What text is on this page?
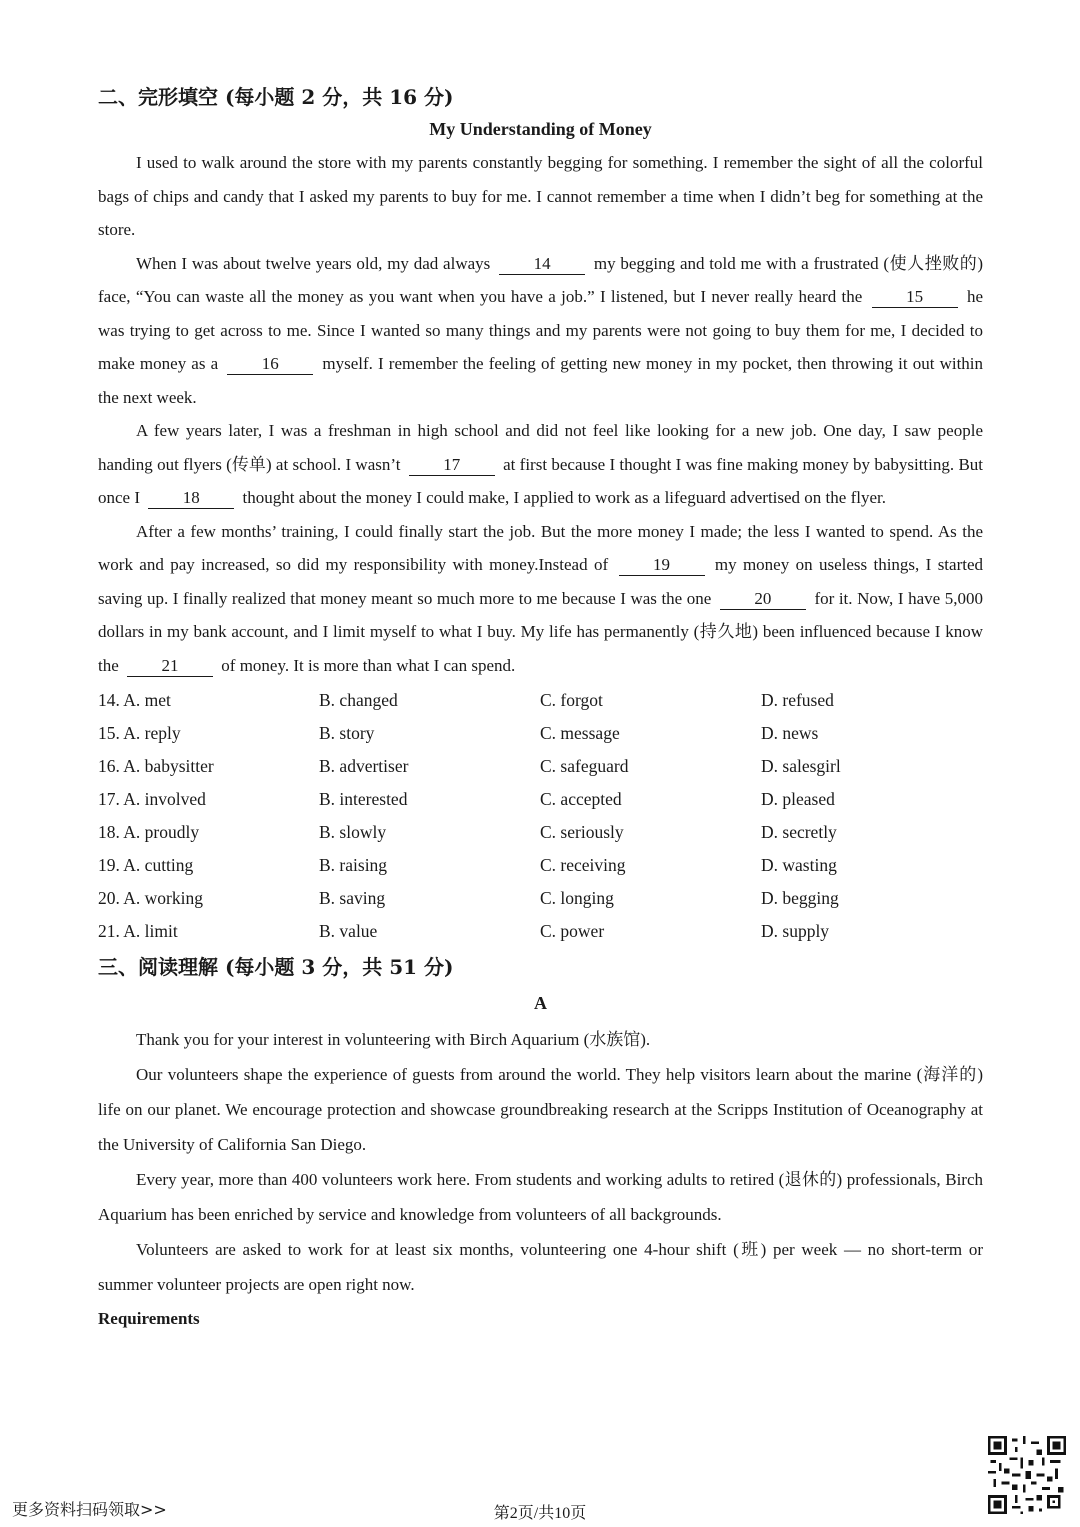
二、完形填空 (每小题 2 分，共 16 分)
My Understanding of Money

I used to walk around the store with my parents constantly begging for something. I remember the sight of all the colorful bags of chips and candy that I asked my parents to buy for me. I cannot remember a time when I didn’t beg for something at the store.

When I was about twelve years old, my dad always	14	my begging and told me with a frustrated (使人挫败的) face, “You can waste all the money as you want when you have a job.” I listened, but I never really heard the	15	he was trying to get across to me. Since I wanted so many things and my parents were not going to buy them for me, I decided to make money as a	16	myself. I remember the feeling of getting new money in my pocket, then throwing it out within the next week.

A few years later, I was a freshman in high school and did not feel like looking for a new job. One day, I saw people handing out flyers (传单) at school. I wasn’t	17	at first because I thought I was fine making money by babysitting. But once I	18	thought about the money I could make, I applied to work as a lifeguard advertised on the flyer.

After a few months’ training, I could finally start the job. But the more money I made; the less I wanted to spend. As the work and pay increased, so did my responsibility with money.Instead of	19	my money on useless things, I started saving up. I finally realized that money meant so much more to me because I was the one	20	for it. Now, I have 5,000 dollars in my bank account, and I limit myself to what I buy. My life has permanently (持久地) been influenced because I know the	21	of money. It is more than what I can spend.

14. A. met	B. changed	C. forgot	D. refused
15. A. reply	B. story	C. message	D. news
16. A. babysitter	B. advertiser	C. safeguard	D. salesgirl
17. A. involved	B. interested	C. accepted	D. pleased
18. A. proudly	B. slowly	C. seriously	D. secretly
19. A. cutting	B. raising	C. receiving	D. wasting
20. A. working	B. saving	C. longing	D. begging
21. A. limit	B. value	C. power	D. supply
三、阅读理解 (每小题 3 分，共 51 分)
A

Thank you for your interest in volunteering with Birch Aquarium (水族馆).

Our volunteers shape the experience of guests from around the world. They help visitors learn about the marine (海洋的) life on our planet. We encourage protection and showcase groundbreaking research at the Scripps Institution of Oceanography at the University of California San Diego.

Every year, more than 400 volunteers work here. From students and working adults to retired (退休的) professionals, Birch Aquarium has been enriched by service and knowledge from volunteers of all backgrounds.

Volunteers are asked to work for at least six months, volunteering one 4-hour shift (班) per week — no short-term or summer volunteer projects are open right now.

Requirements

更多资料扫码领取>>	第2页/共10页
